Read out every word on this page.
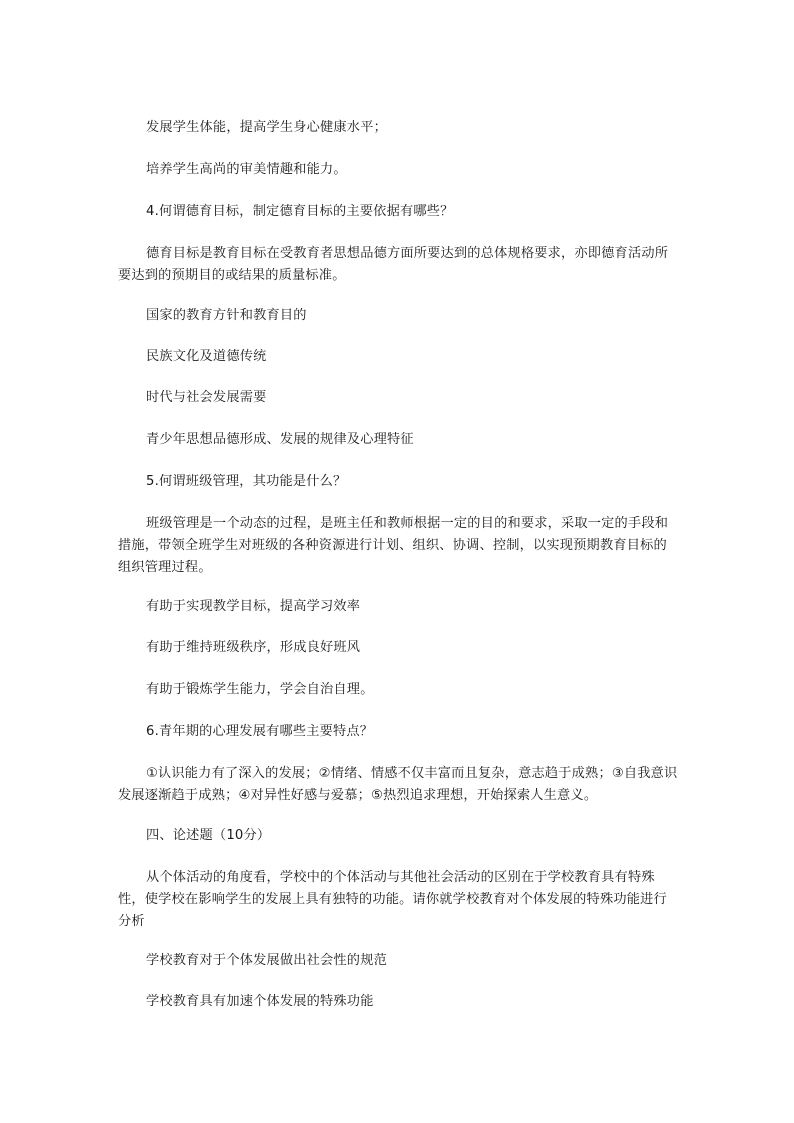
发展学生体能，提高学生身心健康水平；

培养学生高尚的审美情趣和能力。

4.何谓德育目标，制定德育目标的主要依据有哪些？

德育目标是教育目标在受教育者思想品德方面所要达到的总体规格要求，亦即德育活动所要达到的预期目的或结果的质量标准。

国家的教育方针和教育目的

民族文化及道德传统

时代与社会发展需要

青少年思想品德形成、发展的规律及心理特征

5.何谓班级管理，其功能是什么？

班级管理是一个动态的过程，是班主任和教师根据一定的目的和要求，采取一定的手段和措施，带领全班学生对班级的各种资源进行计划、组织、协调、控制，以实现预期教育目标的组织管理过程。

有助于实现教学目标，提高学习效率

有助于维持班级秩序，形成良好班风

有助于锻炼学生能力，学会自治自理。

6.青年期的心理发展有哪些主要特点？

①认识能力有了深入的发展；②情绪、情感不仅丰富而且复杂，意志趋于成熟；③自我意识发展逐渐趋于成熟；④对异性好感与爱慕；⑤热烈追求理想，开始探索人生意义。

四、论述题（10分）

从个体活动的角度看，学校中的个体活动与其他社会活动的区别在于学校教育具有特殊性，使学校在影响学生的发展上具有独特的功能。请你就学校教育对个体发展的特殊功能进行分析

学校教育对于个体发展做出社会性的规范

学校教育具有加速个体发展的特殊功能
